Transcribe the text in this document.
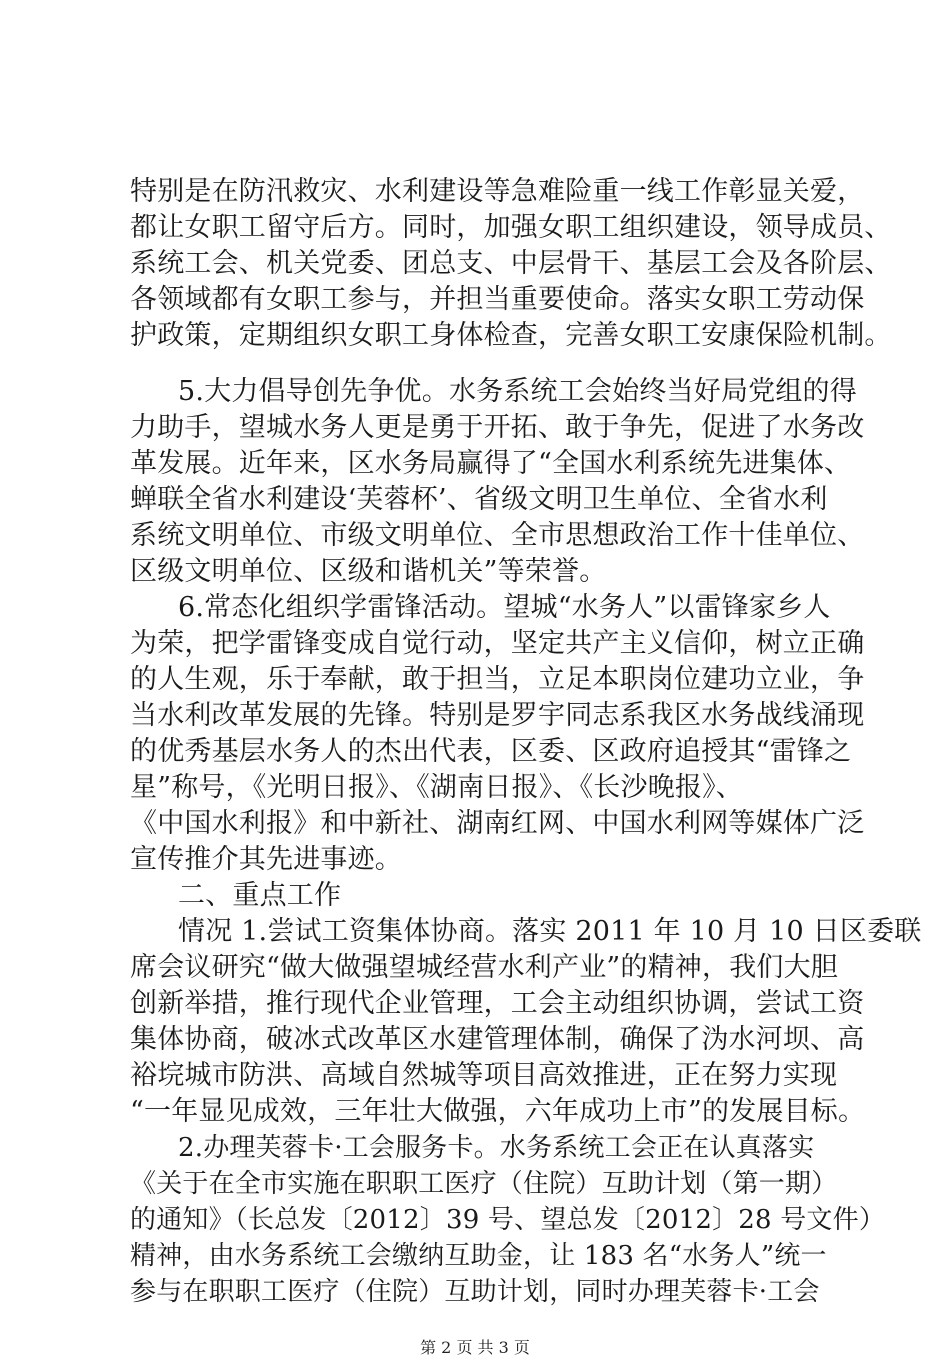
特别是在防汛救灾、水利建设等急难险重一线工作彰显关爱，
都让女职工留守后方。同时，加强女职工组织建设，领导成员、
系统工会、机关党委、团总支、中层骨干、基层工会及各阶层、
各领域都有女职工参与，并担当重要使命。落实女职工劳动保
护政策，定期组织女职工身体检查，完善女职工安康保险机制。
5.大力倡导创先争优。水务系统工会始终当好局党组的得
力助手，望城水务人更是勇于开拓、敢于争先，促进了水务改
革发展。近年来，区水务局赢得了“全国水利系统先进集体、
蝉联全省水利建设‘芙蓉杯’、省级文明卫生单位、全省水利
系统文明单位、市级文明单位、全市思想政治工作十佳单位、
区级文明单位、区级和谐机关”等荣誉。
6.常态化组织学雷锋活动。望城“水务人”以雷锋家乡人
为荣，把学雷锋变成自觉行动，坚定共产主义信仰，树立正确
的人生观，乐于奉献，敢于担当，立足本职岗位建功立业，争
当水利改革发展的先锋。特别是罗宇同志系我区水务战线涌现
的优秀基层水务人的杰出代表，区委、区政府追授其“雷锋之
星”称号，《光明日报》、《湖南日报》、《长沙晚报》、
《中国水利报》和中新社、湖南红网、中国水利网等媒体广泛
宣传推介其先进事迹。
二、重点工作
情况 1.尝试工资集体协商。落实 2011 年 10 月 10 日区委联
席会议研究“做大做强望城经营水利产业”的精神，我们大胆
创新举措，推行现代企业管理，工会主动组织协调，尝试工资
集体协商，破冰式改革区水建管理体制，确保了沩水河坝、高
裕垸城市防洪、高域自然城等项目高效推进，正在努力实现
“一年显见成效，三年壮大做强，六年成功上市”的发展目标。
2.办理芙蓉卡·工会服务卡。水务系统工会正在认真落实
《关于在全市实施在职职工医疗（住院）互助计划（第一期）
的通知》（长总发〔2012〕39 号、望总发〔2012〕28 号文件）
精神，由水务系统工会缴纳互助金，让 183 名“水务人”统一
参与在职职工医疗（住院）互助计划，同时办理芙蓉卡·工会
第 2 页 共 3 页
